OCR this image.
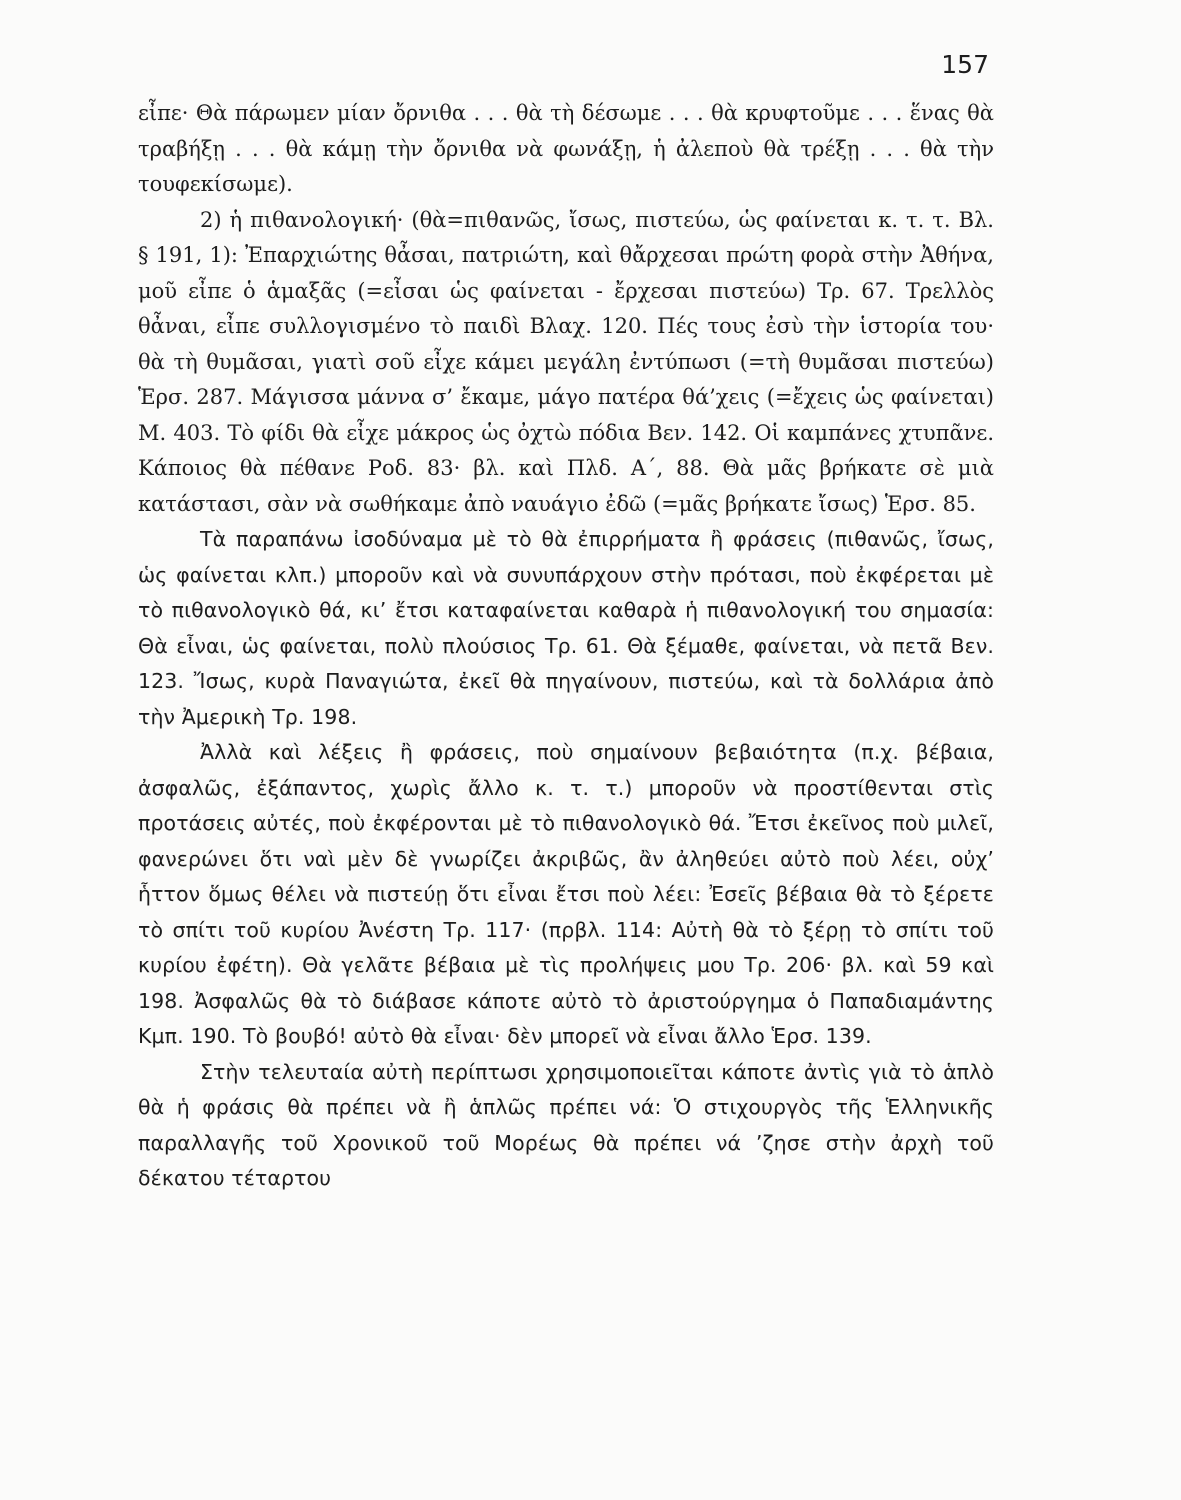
157

εἶπε· Θὰ πάρωμεν μίαν ὄρνιθα . . . θὰ τὴ δέσωμε . . . θὰ κρυφτοῦμε . . . ἕνας θὰ τραβήξῃ . . . θὰ κάμῃ τὴν ὄρνιθα νὰ φωνάξῃ, ἡ ἀλεποὺ θὰ τρέξῃ . . . θὰ τὴν τουφεκίσωμε).

2) ἡ πιθανολογική· (θὰ=πιθανῶς, ἴσως, πιστεύω, ὡς φαίνεται κ. τ. τ. Βλ. § 191, 1): Ἐπαρχιώτης θἆσαι, πατριώτη, καὶ θἄρχεσαι πρώτη φορὰ στὴν Ἀθήνα, μοῦ εἶπε ὁ ἁμαξᾶς (=εἶσαι ὡς φαίνεται - ἔρχεσαι πιστεύω) Τρ. 67. Τρελλὸς θἆναι, εἶπε συλλογισμένο τὸ παιδὶ Βλαχ. 120. Πές τους ἐσὺ τὴν ἱστορία του· θὰ τὴ θυμᾶσαι, γιατὶ σοῦ εἶχε κάμει μεγάλη ἐντύπωσι (=τὴ θυμᾶσαι πιστεύω) Ἑρσ. 287. Μάγισσα μάννα σ’ ἔκαμε, μάγο πατέρα θά’χεις (=ἔχεις ὡς φαίνεται) Μ. 403. Τὸ φίδι θὰ εἶχε μάκρος ὡς ὀχτὼ πόδια Βεν. 142. Οἱ καμπάνες χτυπᾶνε. Κάποιος θὰ πέθανε Ροδ. 83· βλ. καὶ Πλδ. Α΄, 88. Θὰ μᾶς βρήκατε σὲ μιὰ κατάστασι, σὰν νὰ σωθήκαμε ἀπὸ ναυάγιο ἐδῶ (=μᾶς βρήκατε ἴσως) Ἑρσ. 85.

Τὰ παραπάνω ἰσοδύναμα μὲ τὸ θὰ ἐπιρρήματα ἢ φράσεις (πιθανῶς, ἴσως, ὡς φαίνεται κλπ.) μποροῦν καὶ νὰ συνυπάρχουν στὴν πρότασι, ποὺ ἐκφέρεται μὲ τὸ πιθανολογικὸ θά, κι’ ἔτσι καταφαίνεται καθαρὰ ἡ πιθανολογική του σημασία: Θὰ εἶναι, ὡς φαίνεται, πολὺ πλούσιος Τρ. 61. Θὰ ξέμαθε, φαίνεται, νὰ πετᾶ Βεν. 123. Ἴσως, κυρὰ Παναγιώτα, ἐκεῖ θὰ πηγαίνουν, πιστεύω, καὶ τὰ δολλάρια ἀπὸ τὴν Ἀμερικὴ Τρ. 198.

Ἀλλὰ καὶ λέξεις ἢ φράσεις, ποὺ σημαίνουν βεβαιότητα (π.χ. βέβαια, ἀσφαλῶς, ἐξάπαντος, χωρὶς ἄλλο κ. τ. τ.) μποροῦν νὰ προστίθενται στὶς προτάσεις αὐτές, ποὺ ἐκφέρονται μὲ τὸ πιθανολογικὸ θά. Ἔτσι ἐκεῖνος ποὺ μιλεῖ, φανερώνει ὅτι ναὶ μὲν δὲ γνωρίζει ἀκριβῶς, ἂν ἀληθεύει αὐτὸ ποὺ λέει, οὐχ’ ἧττον ὅμως θέλει νὰ πιστεύῃ ὅτι εἶναι ἔτσι ποὺ λέει: Ἐσεῖς βέβαια θὰ τὸ ξέρετε τὸ σπίτι τοῦ κυρίου Ἀνέστη Τρ. 117· (πρβλ. 114: Αὐτὴ θὰ τὸ ξέρῃ τὸ σπίτι τοῦ κυρίου ἐφέτη). Θὰ γελᾶτε βέβαια μὲ τὶς προλήψεις μου Τρ. 206· βλ. καὶ 59 καὶ 198. Ἀσφαλῶς θὰ τὸ διάβασε κάποτε αὐτὸ τὸ ἀριστούργημα ὁ Παπαδιαμάντης Κμπ. 190. Τὸ βουβό! αὐτὸ θὰ εἶναι· δὲν μπορεῖ νὰ εἶναι ἄλλο Ἑρσ. 139.

Στὴν τελευταία αὐτὴ περίπτωσι χρησιμοποιεῖται κάποτε ἀντὶς γιὰ τὸ ἁπλὸ θὰ ἡ φράσις θὰ πρέπει νὰ ἢ ἁπλῶς πρέπει νά: Ὁ στιχουργὸς τῆς Ἑλληνικῆς παραλλαγῆς τοῦ Χρονικοῦ τοῦ Μορέως θὰ πρέπει νά ’ζησε στὴν ἀρχὴ τοῦ δέκατου τέταρτου
